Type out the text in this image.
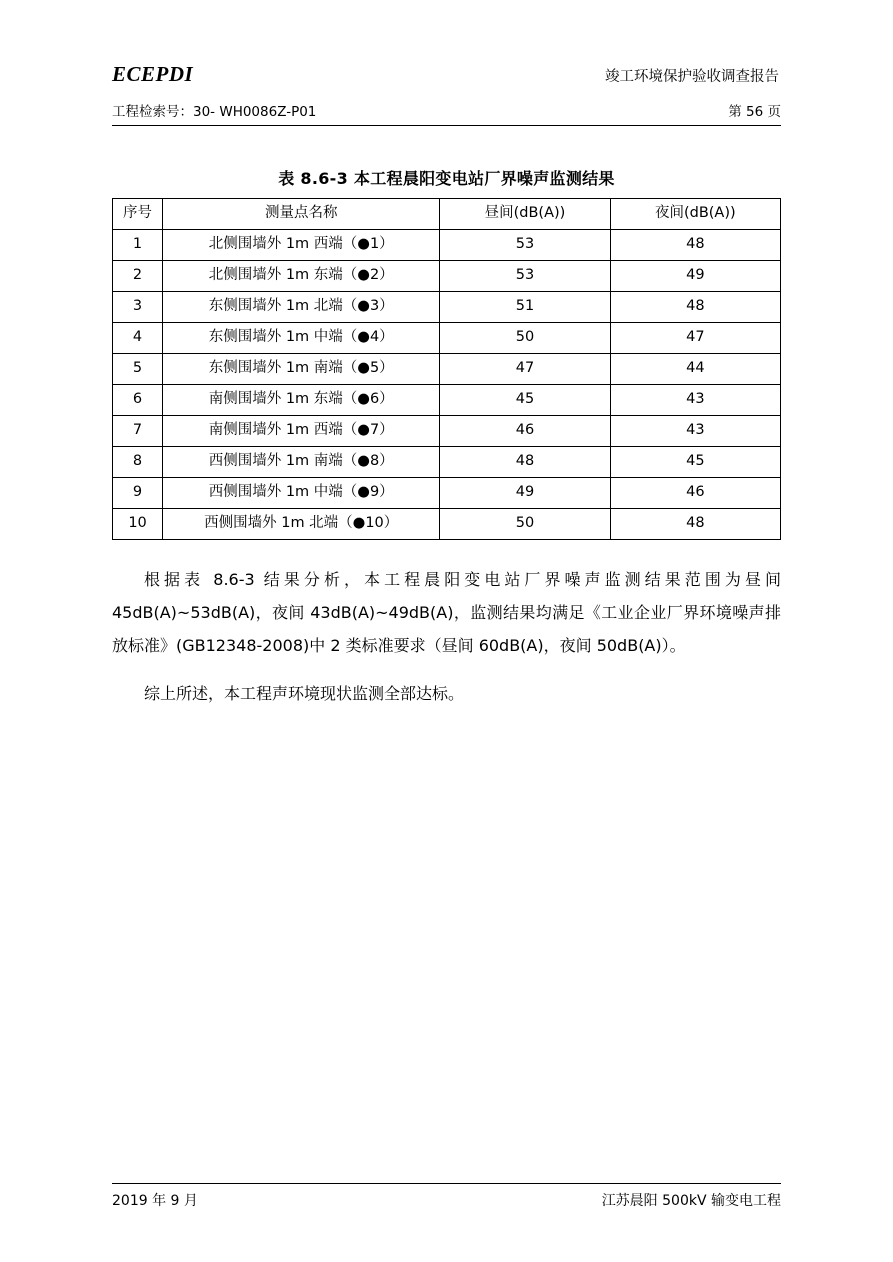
ECEPDI	竣工环境保护验收调查报告
工程检索号：30- WH0086Z-P01	第 56 页
表 8.6-3 本工程晨阳变电站厂界噪声监测结果
序号	测量点名称	昼间(dB(A))	夜间(dB(A))
1	北侧围墙外 1m 西端（●1）	53	48
2	北侧围墙外 1m 东端（●2）	53	49
3	东侧围墙外 1m 北端（●3）	51	48
4	东侧围墙外 1m 中端（●4）	50	47
5	东侧围墙外 1m 南端（●5）	47	44
6	南侧围墙外 1m 东端（●6）	45	43
7	南侧围墙外 1m 西端（●7）	46	43
8	西侧围墙外 1m 南端（●8）	48	45
9	西侧围墙外 1m 中端（●9）	49	46
10	西侧围墙外 1m 北端（●10）	50	48

根据表 8.6-3 结果分析，本工程晨阳变电站厂界噪声监测结果范围为昼间 45dB(A)~53dB(A)，夜间 43dB(A)~49dB(A)，监测结果均满足《工业企业厂界环境噪声排放标准》(GB12348-2008)中 2 类标准要求（昼间 60dB(A)，夜间 50dB(A)）。

综上所述，本工程声环境现状监测全部达标。

2019 年 9 月	江苏晨阳 500kV 输变电工程
